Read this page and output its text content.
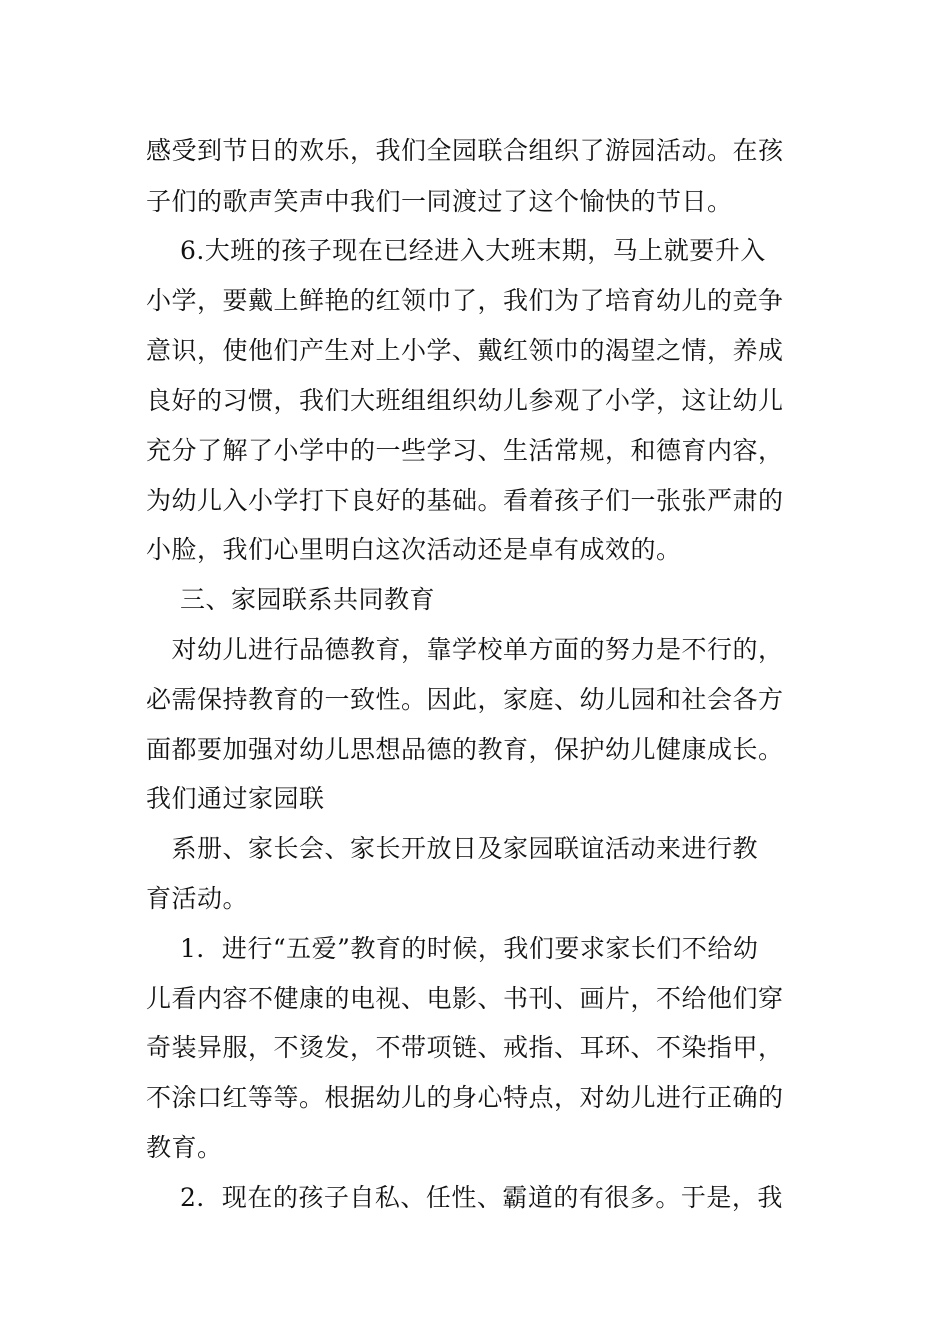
感受到节日的欢乐，我们全园联合组织了游园活动。在孩
子们的歌声笑声中我们一同渡过了这个愉快的节日。
　 6.大班的孩子现在已经进入大班末期，马上就要升入
小学，要戴上鲜艳的红领巾了，我们为了培育幼儿的竞争
意识，使他们产生对上小学、戴红领巾的渴望之情，养成
良好的习惯，我们大班组组织幼儿参观了小学，这让幼儿
充分了解了小学中的一些学习、生活常规，和德育内容，
为幼儿入小学打下良好的基础。看着孩子们一张张严肃的
小脸，我们心里明白这次活动还是卓有成效的。
　 三、家园联系共同教育
　对幼儿进行品德教育，靠学校单方面的努力是不行的，
必需保持教育的一致性。因此，家庭、幼儿园和社会各方
面都要加强对幼儿思想品德的教育，保护幼儿健康成长。
我们通过家园联
　系册、家长会、家长开放日及家园联谊活动来进行教
育活动。
　 1．进行“五爱”教育的时候，我们要求家长们不给幼
儿看内容不健康的电视、电影、书刊、画片，不给他们穿
奇装异服，不烫发，不带项链、戒指、耳环、不染指甲，
不涂口红等等。根据幼儿的身心特点，对幼儿进行正确的
教育。
　 2．现在的孩子自私、任性、霸道的有很多。于是，我
